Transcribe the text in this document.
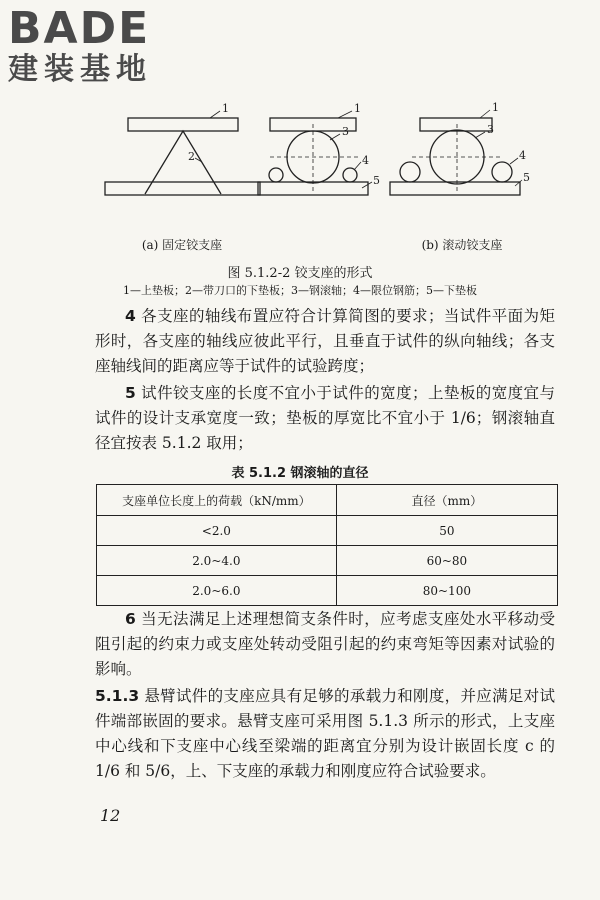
BADE
建装基地
1
2
1
3
4
5
1
3
4
5
(a) 固定铰支座	(b) 滚动铰支座
图 5.1.2-2 铰支座的形式
1—上垫板；2—带刀口的下垫板；3—钢滚轴；4—限位钢筋；5—下垫板
4 各支座的轴线布置应符合计算简图的要求；当试件平面为矩形时，各支座的轴线应彼此平行，且垂直于试件的纵向轴线；各支座轴线间的距离应等于试件的试验跨度；
5 试件铰支座的长度不宜小于试件的宽度；上垫板的宽度宜与试件的设计支承宽度一致；垫板的厚宽比不宜小于 1/6；钢滚轴直径宜按表 5.1.2 取用；
表 5.1.2 钢滚轴的直径
支座单位长度上的荷载（kN/mm）	直径（mm）
<2.0	50
2.0~4.0	60~80
2.0~6.0	80~100
6 当无法满足上述理想简支条件时，应考虑支座处水平移动受阻引起的约束力或支座处转动受阻引起的约束弯矩等因素对试验的影响。
5.1.3 悬臂试件的支座应具有足够的承载力和刚度，并应满足对试件端部嵌固的要求。悬臂支座可采用图 5.1.3 所示的形式，上支座中心线和下支座中心线至梁端的距离宜分别为设计嵌固长度 c 的 1/6 和 5/6，上、下支座的承载力和刚度应符合试验要求。
12
